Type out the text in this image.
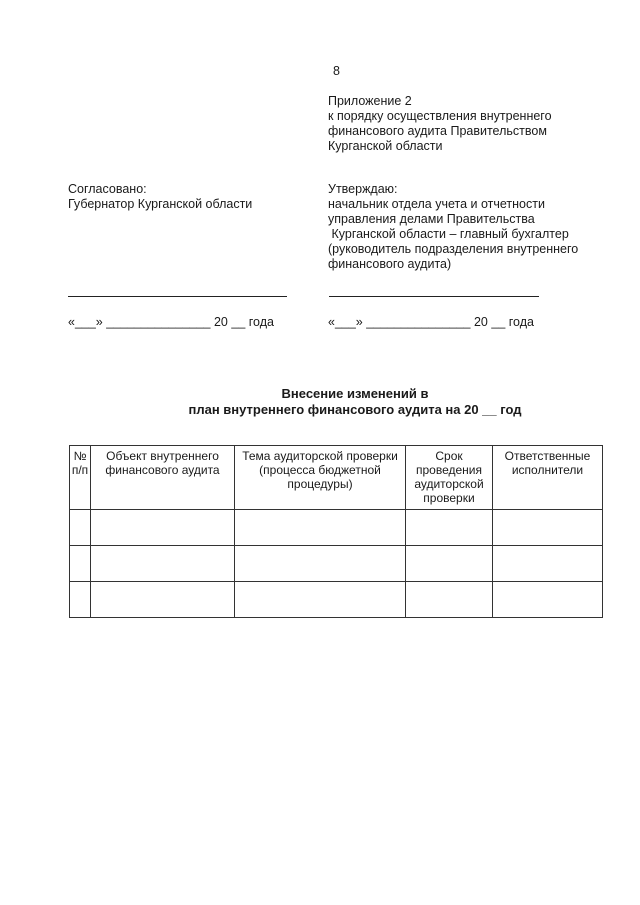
8
Приложение 2
к порядку осуществления внутреннего
финансового аудита Правительством
Курганской области
Согласовано:
Губернатор Курганской области
Утверждаю:
начальник отдела учета и отчетности
управления делами Правительства
Курганской области – главный бухгалтер
(руководитель подразделения внутреннего
финансового аудита)
«___» _______________ 20 __ года	«___» _______________ 20 __ года
Внесение изменений в
план внутреннего финансового аудита на 20 __ год
№ п/п	Объект внутреннего финансового аудита	Тема аудиторской проверки (процесса бюджетной процедуры)	Срок проведения аудиторской проверки	Ответственные исполнители
